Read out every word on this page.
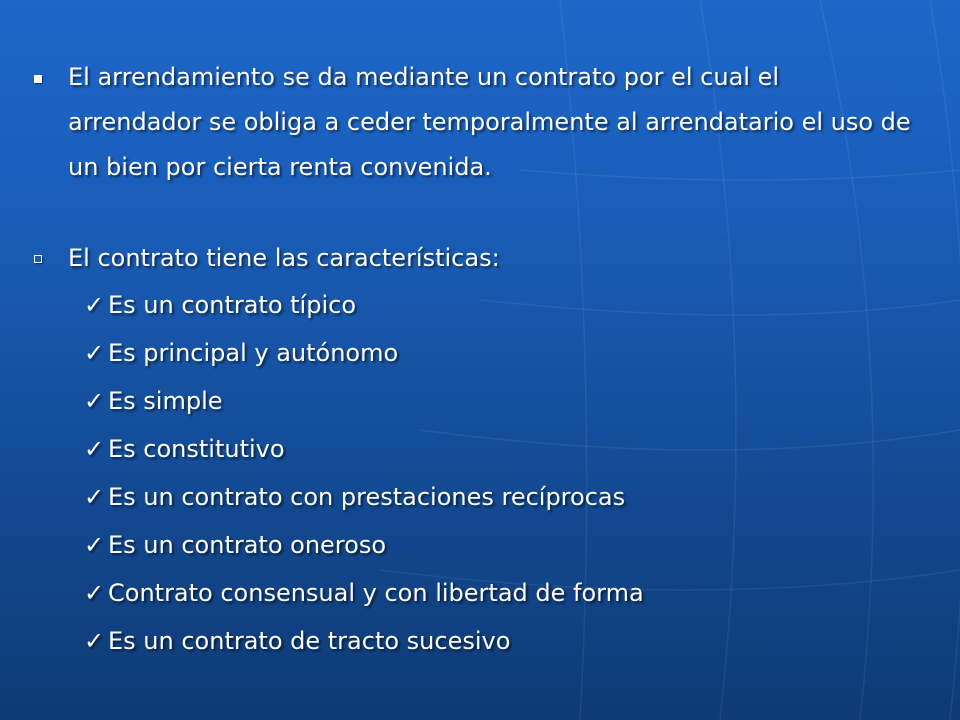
El arrendamiento se da mediante un contrato por el cual el arrendador se obliga a ceder temporalmente al arrendatario el uso de un bien por cierta renta convenida.
El contrato tiene las características:
✓ Es un contrato típico
✓ Es principal y autónomo
✓ Es simple
✓ Es constitutivo
✓ Es un contrato con prestaciones recíprocas
✓ Es un contrato oneroso
✓ Contrato consensual y con libertad de forma
✓ Es un contrato de tracto sucesivo
